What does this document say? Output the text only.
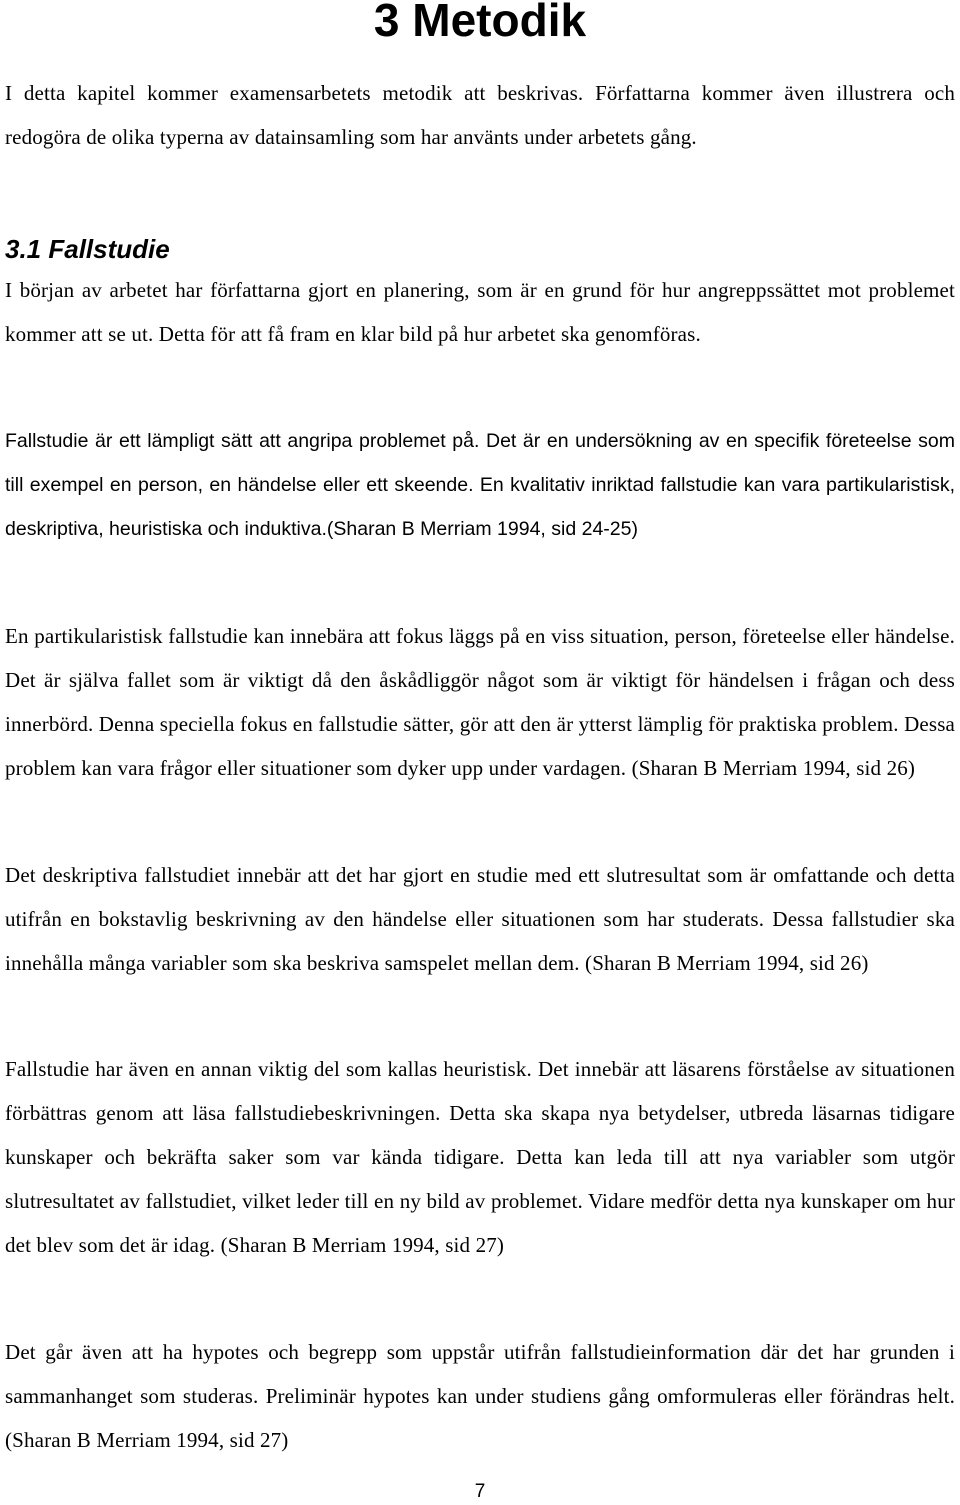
3 Metodik

I detta kapitel kommer examensarbetets metodik att beskrivas. Författarna kommer även illustrera och redogöra de olika typerna av datainsamling som har använts under arbetets gång.

3.1 Fallstudie

I början av arbetet har författarna gjort en planering, som är en grund för hur angreppssättet mot problemet kommer att se ut. Detta för att få fram en klar bild på hur arbetet ska genomföras.

Fallstudie är ett lämpligt sätt att angripa problemet på. Det är en undersökning av en specifik företeelse som till exempel en person, en händelse eller ett skeende. En kvalitativ inriktad fallstudie kan vara partikularistisk, deskriptiva, heuristiska och induktiva.(Sharan B Merriam 1994, sid 24-25)

En partikularistisk fallstudie kan innebära att fokus läggs på en viss situation, person, företeelse eller händelse. Det är själva fallet som är viktigt då den åskådliggör något som är viktigt för händelsen i frågan och dess innerbörd. Denna speciella fokus en fallstudie sätter, gör att den är ytterst lämplig för praktiska problem. Dessa problem kan vara frågor eller situationer som dyker upp under vardagen. (Sharan B Merriam 1994, sid 26)

Det deskriptiva fallstudiet innebär att det har gjort en studie med ett slutresultat som är omfattande och detta utifrån en bokstavlig beskrivning av den händelse eller situationen som har studerats. Dessa fallstudier ska innehålla många variabler som ska beskriva samspelet mellan dem. (Sharan B Merriam 1994, sid 26)

Fallstudie har även en annan viktig del som kallas heuristisk. Det innebär att läsarens förståelse av situationen förbättras genom att läsa fallstudiebeskrivningen. Detta ska skapa nya betydelser, utbreda läsarnas tidigare kunskaper och bekräfta saker som var kända tidigare. Detta kan leda till att nya variabler som utgör slutresultatet av fallstudiet, vilket leder till en ny bild av problemet. Vidare medför detta nya kunskaper om hur det blev som det är idag. (Sharan B Merriam 1994, sid 27)

Det går även att ha hypotes och begrepp som uppstår utifrån fallstudieinformation där det har grunden i sammanhanget som studeras. Preliminär hypotes kan under studiens gång omformuleras eller förändras helt. (Sharan B Merriam 1994, sid 27)

7
